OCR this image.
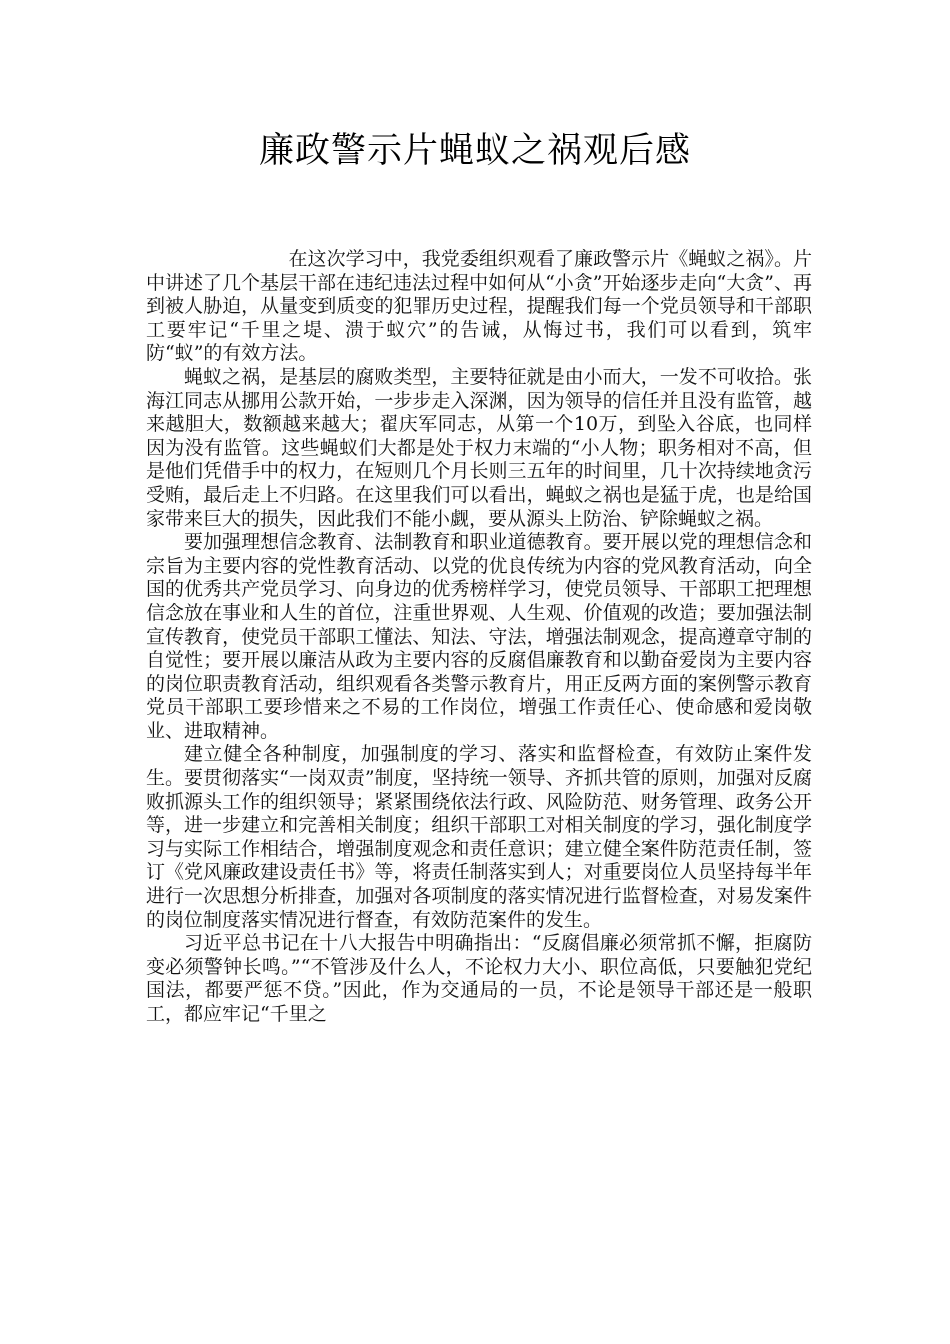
廉政警示片蝇蚁之祸观后感

在这次学习中，我党委组织观看了廉政警示片《蝇蚁之祸》。片中讲述了几个基层干部在违纪违法过程中如何从“小贪”开始逐步走向“大贪”、再到被人胁迫，从量变到质变的犯罪历史过程，提醒我们每一个党员领导和干部职工要牢记“千里之堤、溃于蚁穴”的告诫，从悔过书，我们可以看到，筑牢防“蚁”的有效方法。

蝇蚁之祸，是基层的腐败类型，主要特征就是由小而大，一发不可收拾。张海江同志从挪用公款开始，一步步走入深渊，因为领导的信任并且没有监管，越来越胆大，数额越来越大；翟庆军同志，从第一个10万，到坠入谷底，也同样因为没有监管。这些蝇蚁们大都是处于权力末端的“小人物；职务相对不高，但是他们凭借手中的权力，在短则几个月长则三五年的时间里，几十次持续地贪污受贿，最后走上不归路。在这里我们可以看出，蝇蚁之祸也是猛于虎，也是给国家带来巨大的损失，因此我们不能小觑，要从源头上防治、铲除蝇蚁之祸。

要加强理想信念教育、法制教育和职业道德教育。要开展以党的理想信念和宗旨为主要内容的党性教育活动、以党的优良传统为内容的党风教育活动，向全国的优秀共产党员学习、向身边的优秀榜样学习，使党员领导、干部职工把理想信念放在事业和人生的首位，注重世界观、人生观、价值观的改造；要加强法制宣传教育，使党员干部职工懂法、知法、守法，增强法制观念，提高遵章守制的自觉性；要开展以廉洁从政为主要内容的反腐倡廉教育和以勤奋爱岗为主要内容的岗位职责教育活动，组织观看各类警示教育片，用正反两方面的案例警示教育党员干部职工要珍惜来之不易的工作岗位，增强工作责任心、使命感和爱岗敬业、进取精神。

建立健全各种制度，加强制度的学习、落实和监督检查，有效防止案件发生。要贯彻落实“一岗双责”制度，坚持统一领导、齐抓共管的原则，加强对反腐败抓源头工作的组织领导；紧紧围绕依法行政、风险防范、财务管理、政务公开等，进一步建立和完善相关制度；组织干部职工对相关制度的学习，强化制度学习与实际工作相结合，增强制度观念和责任意识；建立健全案件防范责任制，签订《党风廉政建设责任书》等，将责任制落实到人；对重要岗位人员坚持每半年进行一次思想分析排查，加强对各项制度的落实情况进行监督检查，对易发案件的岗位制度落实情况进行督查，有效防范案件的发生。

习近平总书记在十八大报告中明确指出：“反腐倡廉必须常抓不懈，拒腐防变必须警钟长鸣。”“不管涉及什么人，不论权力大小、职位高低，只要触犯党纪国法，都要严惩不贷。”因此，作为交通局的一员，不论是领导干部还是一般职工，都应牢记“千里之
